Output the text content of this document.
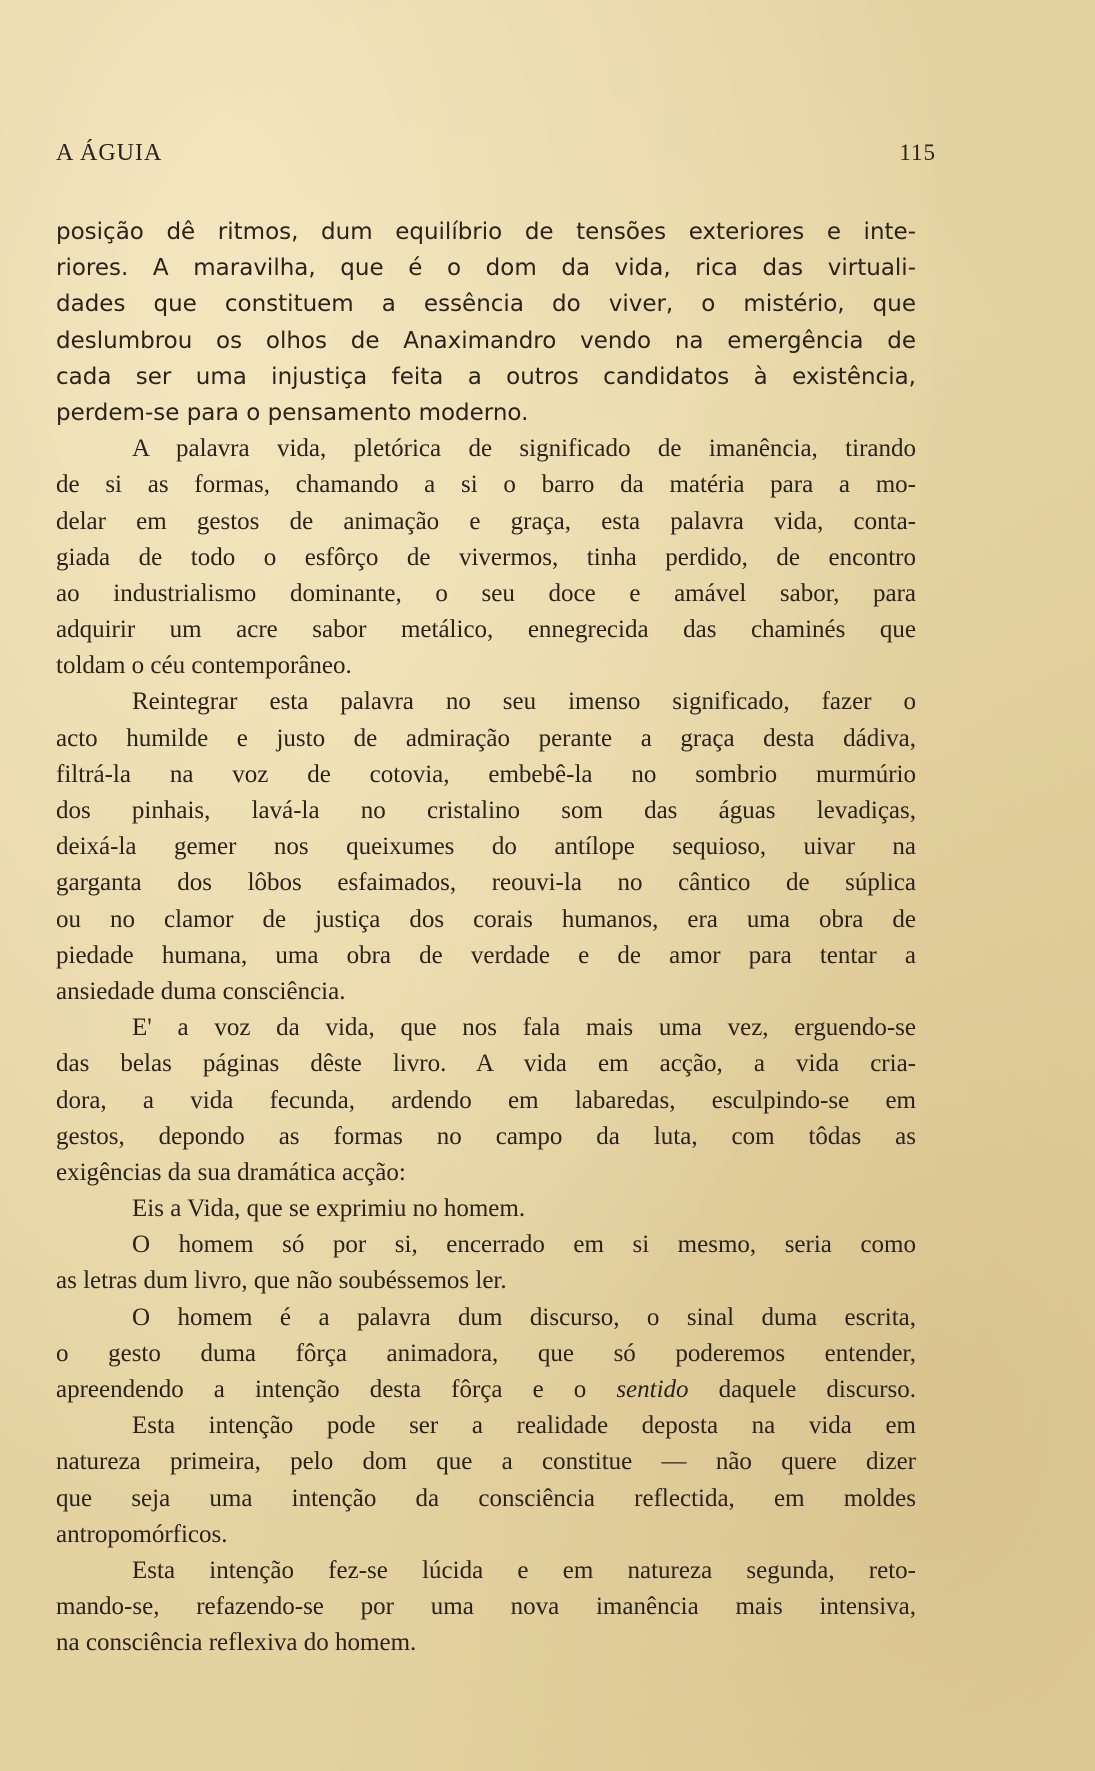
A ÁGUIA	115
posição dê ritmos, dum equilíbrio de tensões exteriores e inte-
riores. A maravilha, que é o dom da vida, rica das virtuali-
dades que constituem a essência do viver, o mistério, que
deslumbrou os olhos de Anaximandro vendo na emergência de
cada ser uma injustiça feita a outros candidatos à existência,
perdem-se para o pensamento moderno.
A palavra vida, pletórica de significado de imanência, tirando
de si as formas, chamando a si o barro da matéria para a mo-
delar em gestos de animação e graça, esta palavra vida, conta-
giada de todo o esfôrço de vivermos, tinha perdido, de encontro
ao industrialismo dominante, o seu doce e amável sabor, para
adquirir um acre sabor metálico, ennegrecida das chaminés que
toldam o céu contemporâneo.
Reintegrar esta palavra no seu imenso significado, fazer o
acto humilde e justo de admiração perante a graça desta dádiva,
filtrá-la na voz de cotovia, embebê-la no sombrio murmúrio
dos pinhais, lavá-la no cristalino som das águas levadiças,
deixá-la gemer nos queixumes do antílope sequioso, uivar na
garganta dos lôbos esfaimados, reouvi-la no cântico de súplica
ou no clamor de justiça dos corais humanos, era uma obra de
piedade humana, uma obra de verdade e de amor para tentar a
ansiedade duma consciência.
E' a voz da vida, que nos fala mais uma vez, erguendo-se
das belas páginas dêste livro. A vida em acção, a vida cria-
dora, a vida fecunda, ardendo em labaredas, esculpindo-se em
gestos, depondo as formas no campo da luta, com tôdas as
exigências da sua dramática acção:
Eis a Vida, que se exprimiu no homem.
O homem só por si, encerrado em si mesmo, seria como
as letras dum livro, que não soubéssemos ler.
O homem é a palavra dum discurso, o sinal duma escrita,
o gesto duma fôrça animadora, que só poderemos entender,
apreendendo a intenção desta fôrça e o sentido daquele discurso.
Esta intenção pode ser a realidade deposta na vida em
natureza primeira, pelo dom que a constitue — não quere dizer
que seja uma intenção da consciência reflectida, em moldes
antropomórficos.
Esta intenção fez-se lúcida e em natureza segunda, reto-
mando-se, refazendo-se por uma nova imanência mais intensiva,
na consciência reflexiva do homem.
